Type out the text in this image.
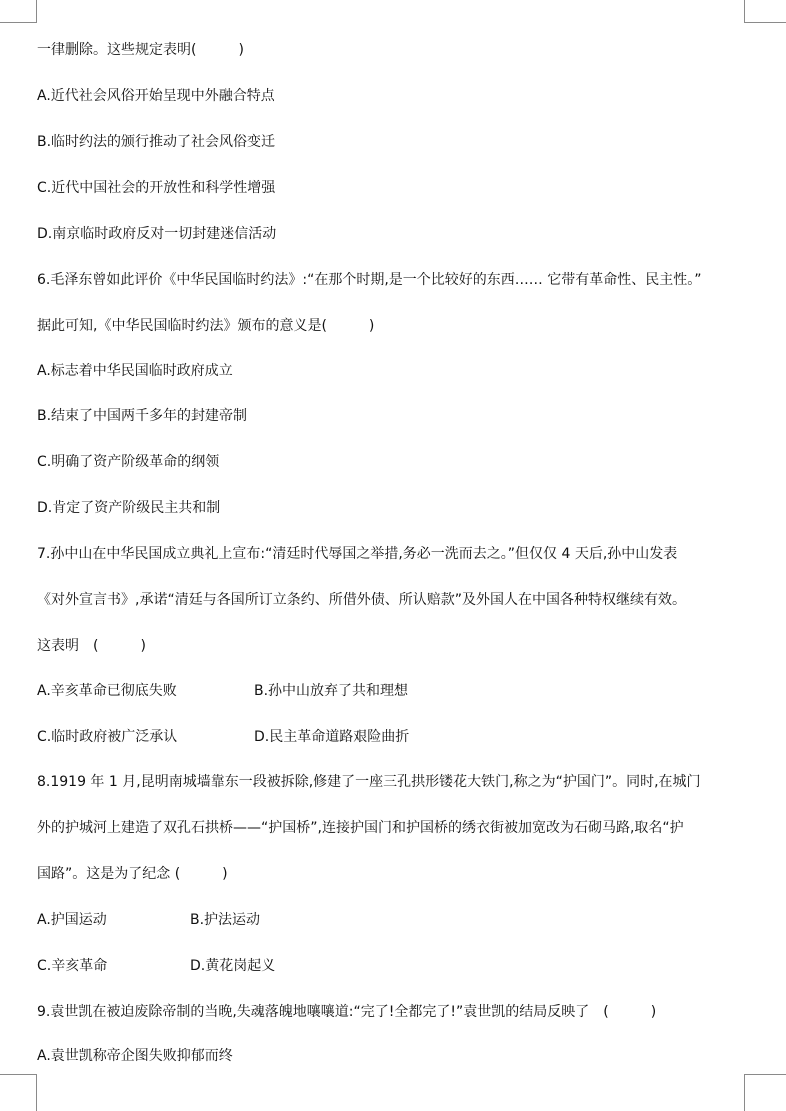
一律删除。这些规定表明(　　　)
A.近代社会风俗开始呈现中外融合特点
B.临时约法的颁行推动了社会风俗变迁
C.近代中国社会的开放性和科学性增强
D.南京临时政府反对一切封建迷信活动
6.毛泽东曾如此评价《中华民国临时约法》:“在那个时期,是一个比较好的东西…… 它带有革命性、民主性。”
据此可知,《中华民国临时约法》颁布的意义是(　　　)
A.标志着中华民国临时政府成立
B.结束了中国两千多年的封建帝制
C.明确了资产阶级革命的纲领
D.肯定了资产阶级民主共和制
7.孙中山在中华民国成立典礼上宣布:“清廷时代辱国之举措,务必一洗而去之。”但仅仅 4 天后,孙中山发表
《对外宣言书》,承诺“清廷与各国所订立条约、所借外债、所认赔款”及外国人在中国各种特权继续有效。
这表明　(　　　)
A.辛亥革命已彻底失败	B.孙中山放弃了共和理想
C.临时政府被广泛承认	D.民主革命道路艰险曲折
8.1919 年 1 月,昆明南城墙靠东一段被拆除,修建了一座三孔拱形镂花大铁门,称之为“护国门”。同时,在城门
外的护城河上建造了双孔石拱桥——“护国桥”,连接护国门和护国桥的绣衣街被加宽改为石砌马路,取名“护
国路”。这是为了纪念 (　　　)
A.护国运动	B.护法运动
C.辛亥革命	D.黄花岗起义
9.袁世凯在被迫废除帝制的当晚,失魂落魄地嚷嚷道:“完了!全都完了!”袁世凯的结局反映了　(　　　)
A.袁世凯称帝企图失败抑郁而终
